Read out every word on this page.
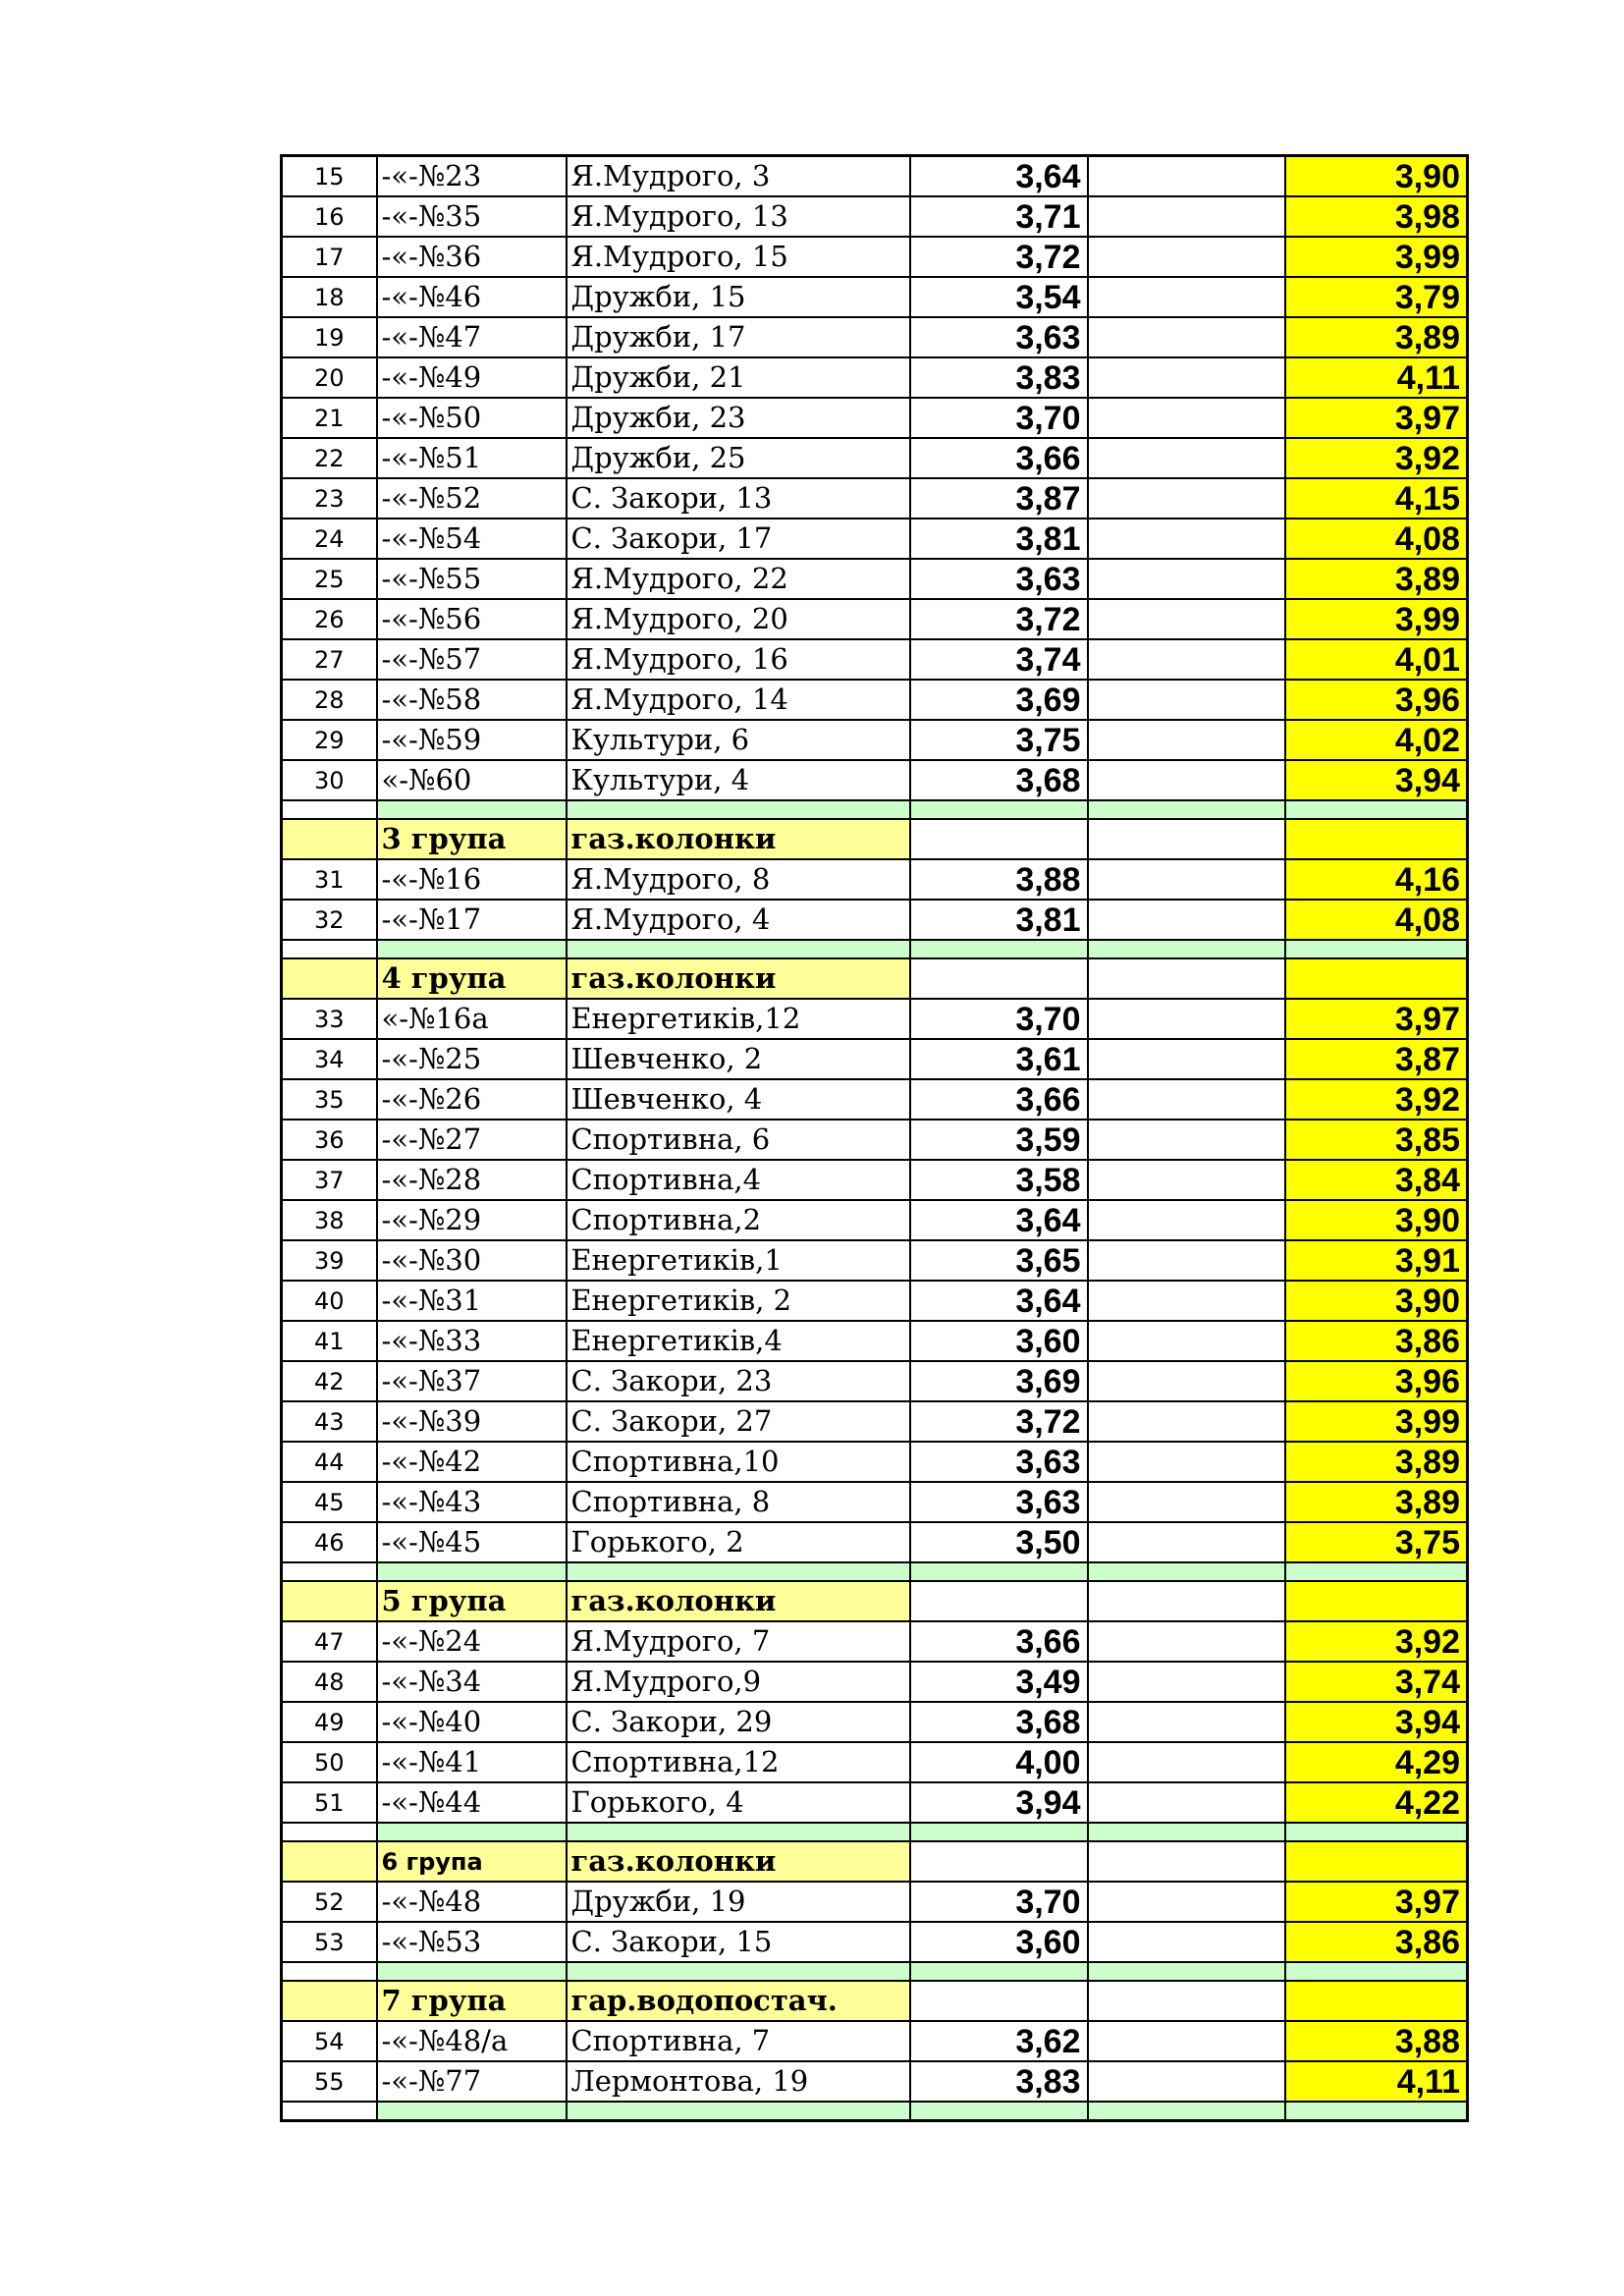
15	-«-№23	Я.Мудрого, 3	3,64		3,90
16	-«-№35	Я.Мудрого, 13	3,71		3,98
17	-«-№36	Я.Мудрого, 15	3,72		3,99
18	-«-№46	Дружби, 15	3,54		3,79
19	-«-№47	Дружби, 17	3,63		3,89
20	-«-№49	Дружби, 21	3,83		4,11
21	-«-№50	Дружби, 23	3,70		3,97
22	-«-№51	Дружби, 25	3,66		3,92
23	-«-№52	С. Закори, 13	3,87		4,15
24	-«-№54	С. Закори, 17	3,81		4,08
25	-«-№55	Я.Мудрого, 22	3,63		3,89
26	-«-№56	Я.Мудрого, 20	3,72		3,99
27	-«-№57	Я.Мудрого, 16	3,74		4,01
28	-«-№58	Я.Мудрого, 14	3,69		3,96
29	-«-№59	Культури, 6	3,75		4,02
30	«-№60	Культури, 4	3,68		3,94

	3 група	газ.колонки			
31	-«-№16	Я.Мудрого, 8	3,88		4,16
32	-«-№17	Я.Мудрого, 4	3,81		4,08

	4 група	газ.колонки			
33	«-№16а	Енергетиків,12	3,70		3,97
34	-«-№25	Шевченко, 2	3,61		3,87
35	-«-№26	Шевченко, 4	3,66		3,92
36	-«-№27	Спортивна, 6	3,59		3,85
37	-«-№28	Спортивна,4	3,58		3,84
38	-«-№29	Спортивна,2	3,64		3,90
39	-«-№30	Енергетиків,1	3,65		3,91
40	-«-№31	Енергетиків, 2	3,64		3,90
41	-«-№33	Енергетиків,4	3,60		3,86
42	-«-№37	С. Закори, 23	3,69		3,96
43	-«-№39	С. Закори, 27	3,72		3,99
44	-«-№42	Спортивна,10	3,63		3,89
45	-«-№43	Спортивна, 8	3,63		3,89
46	-«-№45	Горького, 2	3,50		3,75

	5 група	газ.колонки			
47	-«-№24	Я.Мудрого, 7	3,66		3,92
48	-«-№34	Я.Мудрого,9	3,49		3,74
49	-«-№40	С. Закори, 29	3,68		3,94
50	-«-№41	Спортивна,12	4,00		4,29
51	-«-№44	Горького, 4	3,94		4,22

	6 група	газ.колонки			
52	-«-№48	Дружби, 19	3,70		3,97
53	-«-№53	С. Закори, 15	3,60		3,86

	7 група	гар.водопостач.			
54	-«-№48/а	Спортивна, 7	3,62		3,88
55	-«-№77	Лермонтова, 19	3,83		4,11
